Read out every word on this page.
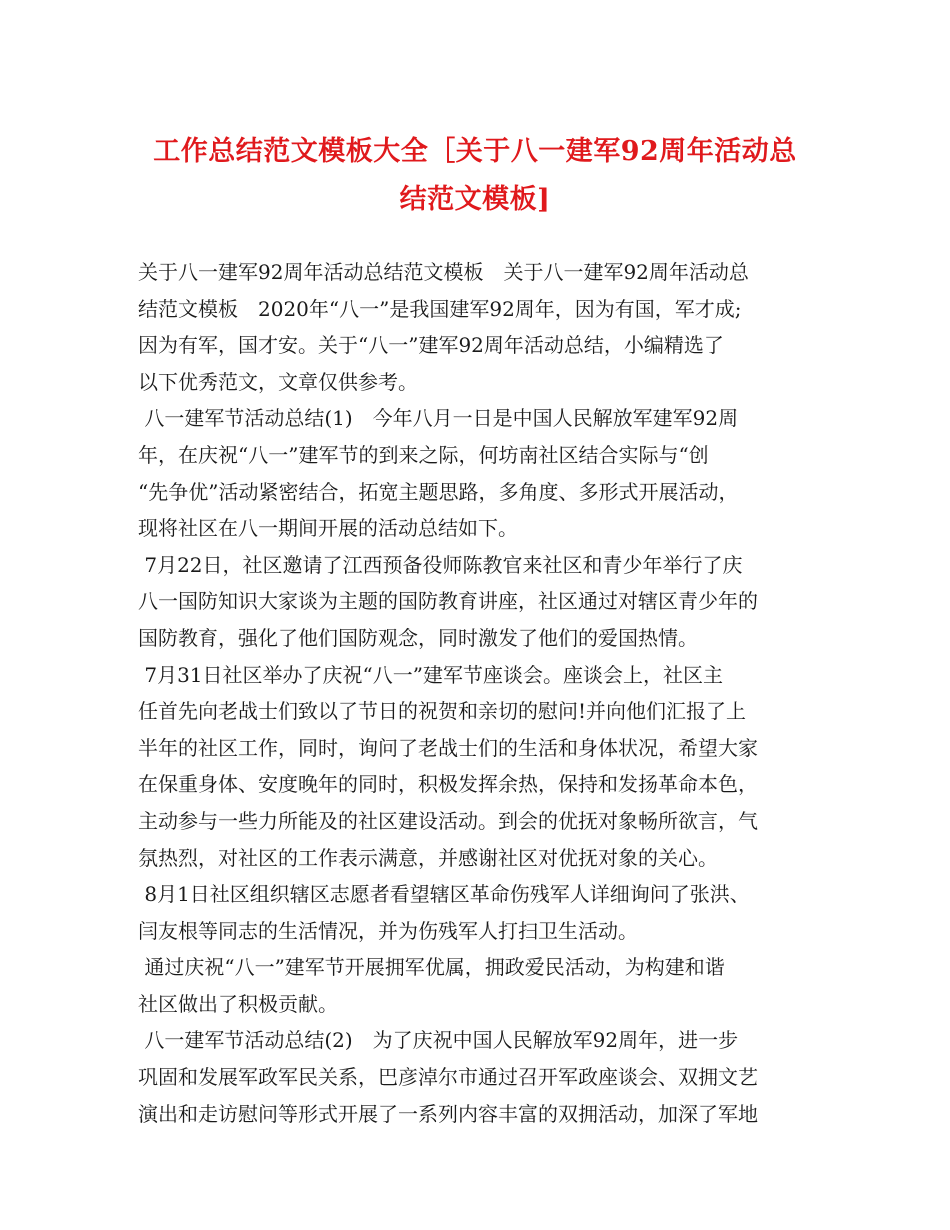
工作总结范文模板大全［关于八一建军92周年活动总
结范文模板]
关于八一建军92周年活动总结范文模板　关于八一建军92周年活动总
结范文模板　2020年“八一”是我国建军92周年，因为有国，军才成;
因为有军，国才安。关于“八一”建军92周年活动总结，小编精选了
以下优秀范文，文章仅供参考。
八一建军节活动总结(1)　今年八月一日是中国人民解放军建军92周
年，在庆祝“八一”建军节的到来之际，何坊南社区结合实际与“创
“先争优”活动紧密结合，拓宽主题思路，多角度、多形式开展活动，
现将社区在八一期间开展的活动总结如下。
7月22日，社区邀请了江西预备役师陈教官来社区和青少年举行了庆
八一国防知识大家谈为主题的国防教育讲座，社区通过对辖区青少年的
国防教育，强化了他们国防观念，同时激发了他们的爱国热情。
7月31日社区举办了庆祝“八一”建军节座谈会。座谈会上，社区主
任首先向老战士们致以了节日的祝贺和亲切的慰问!并向他们汇报了上
半年的社区工作，同时，询问了老战士们的生活和身体状况，希望大家
在保重身体、安度晚年的同时，积极发挥余热，保持和发扬革命本色，
主动参与一些力所能及的社区建设活动。到会的优抚对象畅所欲言，气
氛热烈，对社区的工作表示满意，并感谢社区对优抚对象的关心。
8月1日社区组织辖区志愿者看望辖区革命伤残军人详细询问了张洪、
闫友根等同志的生活情况，并为伤残军人打扫卫生活动。
通过庆祝“八一”建军节开展拥军优属，拥政爱民活动，为构建和谐
社区做出了积极贡献。
八一建军节活动总结(2)　为了庆祝中国人民解放军92周年，进一步
巩固和发展军政军民关系，巴彦淖尔市通过召开军政座谈会、双拥文艺
演出和走访慰问等形式开展了一系列内容丰富的双拥活动，加深了军地
